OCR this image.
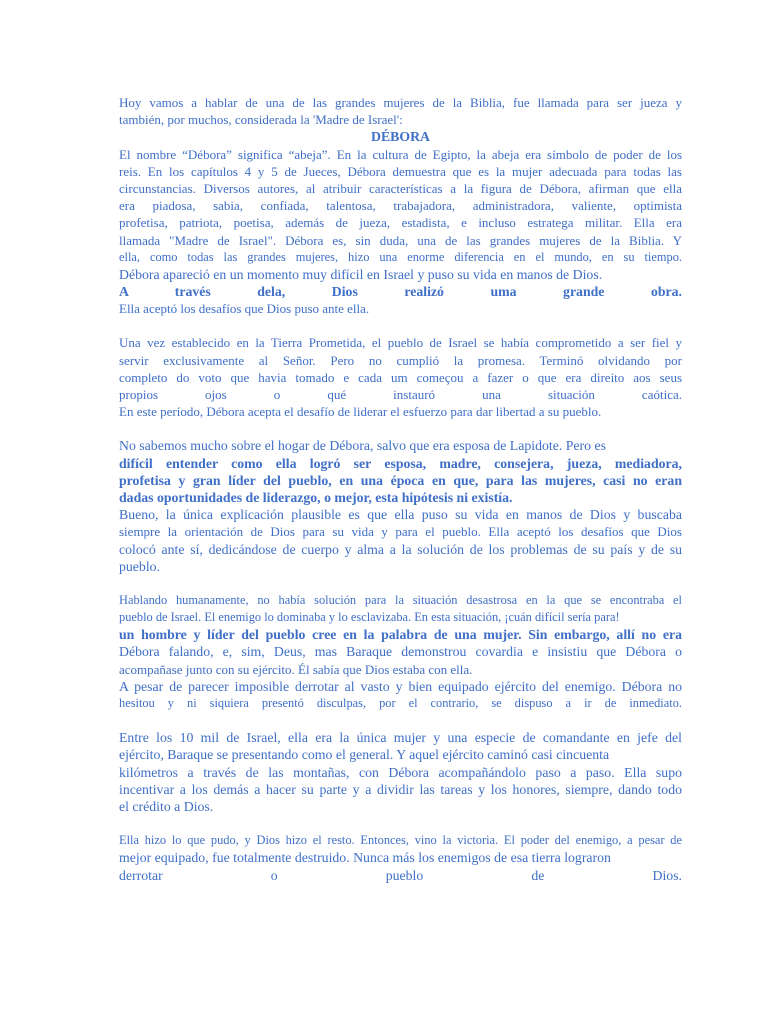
Hoy vamos a hablar de una de las grandes mujeres de la Biblia, fue llamada para ser jueza y
también, por muchos, considerada la 'Madre de Israel':
DÉBORA
El nombre “Débora” significa “abeja”. En la cultura de Egipto, la abeja era símbolo de poder de los
reis. En los capítulos 4 y 5 de Jueces, Débora demuestra que es la mujer adecuada para todas las
circunstancias. Diversos autores, al atribuir características a la figura de Débora, afirman que ella
era piadosa, sabia, confiada, talentosa, trabajadora, administradora, valiente, optimista
profetisa, patriota, poetisa, además de jueza, estadista, e incluso estratega militar. Ella era
llamada "Madre de Israel". Débora es, sin duda, una de las grandes mujeres de la Biblia. Y
ella, como todas las grandes mujeres, hizo una enorme diferencia en el mundo, en su tiempo.
Débora apareció en un momento muy difícil en Israel y puso su vida en manos de Dios.
A través dela, Dios realizó uma grande obra.
Ella aceptó los desafíos que Dios puso ante ella.
Una vez establecido en la Tierra Prometida, el pueblo de Israel se había comprometido a ser fiel y
servir exclusivamente al Señor. Pero no cumplió la promesa. Terminó olvidando por
completo do voto que havia tomado e cada um começou a fazer o que era direito aos seus
propios ojos o qué instauró una situación caótica.
En este período, Débora acepta el desafío de liderar el esfuerzo para dar libertad a su pueblo.
No sabemos mucho sobre el hogar de Débora, salvo que era esposa de Lapidote. Pero es
difícil entender como ella logró ser esposa, madre, consejera, jueza, mediadora,
profetisa y gran líder del pueblo, en una época en que, para las mujeres, casi no eran
dadas oportunidades de liderazgo, o mejor, esta hipótesis ni existía.
Bueno, la única explicación plausible es que ella puso su vida en manos de Dios y buscaba
siempre la orientación de Dios para su vida y para el pueblo. Ella aceptó los desafíos que Dios
colocó ante sí, dedicándose de cuerpo y alma a la solución de los problemas de su país y de su
pueblo.
Hablando humanamente, no había solución para la situación desastrosa en la que se encontraba el
pueblo de Israel. El enemigo lo dominaba y lo esclavizaba. En esta situación, ¡cuán difícil sería para!
un hombre y líder del pueblo cree en la palabra de una mujer. Sin embargo, allí no era
Débora falando, e, sim, Deus, mas Baraque demonstrou covardia e insistiu que Débora o
acompañase junto con su ejército. Él sabía que Dios estaba con ella.
A pesar de parecer imposible derrotar al vasto y bien equipado ejército del enemigo. Débora no
hesitou y ni siquiera presentó disculpas, por el contrario, se dispuso a ir de inmediato.
Entre los 10 mil de Israel, ella era la única mujer y una especie de comandante en jefe del
ejército, Baraque se presentando como el general. Y aquel ejército caminó casi cincuenta
kilómetros a través de las montañas, con Débora acompañándolo paso a paso. Ella supo
incentivar a los demás a hacer su parte y a dividir las tareas y los honores, siempre, dando todo
el crédito a Dios.
Ella hizo lo que pudo, y Dios hizo el resto. Entonces, vino la victoria. El poder del enemigo, a pesar de
mejor equipado, fue totalmente destruido. Nunca más los enemigos de esa tierra lograron
derrotar o pueblo de Dios.
